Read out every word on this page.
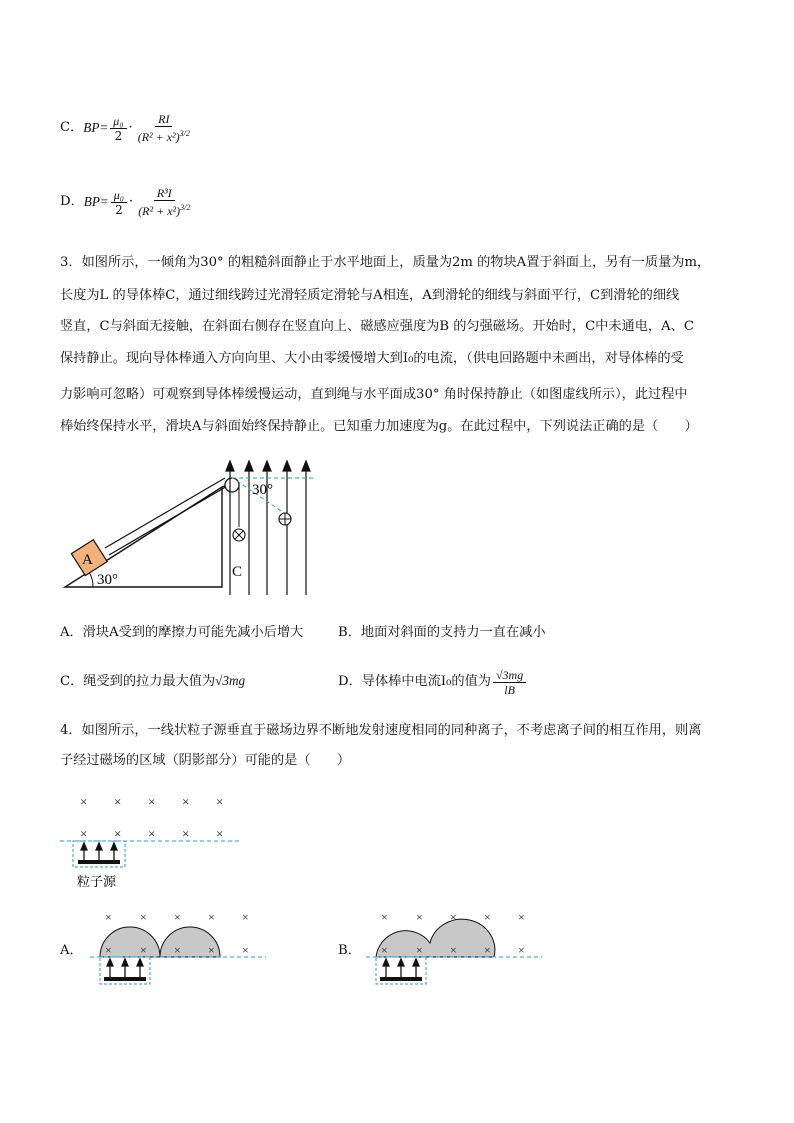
C． $BP= \frac{\text{μ₀}}{2} \cdot \frac{RI}{(R^2 + x^2)^{3/2}}$
D． $BP= \frac{\text{μ₀}}{2} \cdot \frac{\text{R³I}}{(R^2 + x^2)^{3/2}}$
3．如图所示，一倾角为30° 的粗糙斜面静止于水平地面上，质量为2m 的物块A置于斜面上，另有一质量为m，
长度为L 的导体棒C，通过细线跨过光滑轻质定滑轮与A相连，A到滑轮的细线与斜面平行，C到滑轮的细线
竖直，C与斜面无接触，在斜面右侧存在竖直向上、磁感应强度为B 的匀强磁场。开始时，C中未通电，A、C
保持静止。现向导体棒通入方向向里、大小由零缓慢增大到I₀的电流，（供电回路题中未画出，对导体棒的受
力影响可忽略）可观察到导体棒缓慢运动，直到绳与水平面成30° 角时保持静止（如图虚线所示），此过程中
棒始终保持水平，滑块A与斜面始终保持静止。已知重力加速度为g。在此过程中，下列说法正确的是（　　）
30°
A
30°
C
A．滑块A受到的摩擦力可能先减小后增大	B．地面对斜面的支持力一直在减小
C．绳受到的拉力最大值为√3mg	D．导体棒中电流I₀的值为 $\frac{√3mg}{lB}$
4．如图所示，一线状粒子源垂直于磁场边界不断地发射速度相同的同种离子，不考虑离子间的相互作用，则离
子经过磁场的区域（阴影部分）可能的是（　　）
× × × × ×
× × × × ×
粒子源
A．
× × × × ×
× × × × ×	B．
× × × × ×
× × × × ×
